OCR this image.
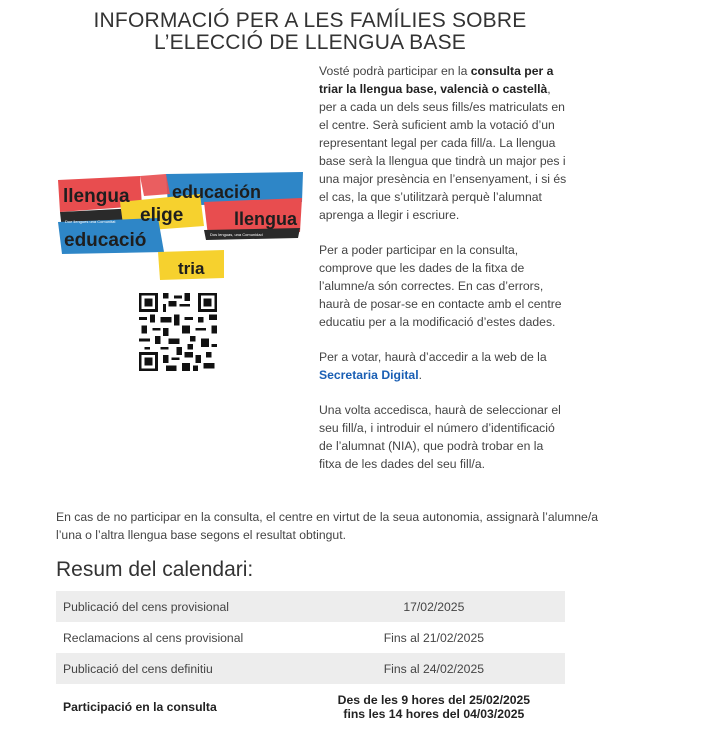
INFORMACIÓ PER A LES FAMÍLIES SOBRE
L’ELECCIÓ DE LLENGUA BASE
llengua educación
elige	llengua
educació
tria
Doe llengues una Comunitat
Dos lenguas, una Comunidad

Vosté podrà participar en la consulta per a triar la llengua base, valencià o castellà, per a cada un dels seus fills/es matriculats en el centre. Serà suficient amb la votació d’un representant legal per cada fill/a. La llengua base serà la llengua que tindrà un major pes i una major presència en l’ensenyament, i si és el cas, la que s’utilitzarà perquè l’alumnat aprenga a llegir i escriure.

Per a poder participar en la consulta, comprove que les dades de la fitxa de l’alumne/a són correctes. En cas d’errors, haurà de posar-se en contacte amb el centre educatiu per a la modificació d’estes dades.

Per a votar, haurà d’accedir a la web de la Secretaria Digital.

Una volta accedisca, haurà de seleccionar el seu fill/a, i introduir el número d’identificació de l’alumnat (NIA), que podrà trobar en la fitxa de les dades del seu fill/a.

En cas de no participar en la consulta, el centre en virtut de la seua autonomia, assignarà l’alumne/a l’una o l’altra llengua base segons el resultat obtingut.
Resum del calendari:
Publicació del cens provisional	17/02/2025
Reclamacions al cens provisional	Fins al 21/02/2025
Publicació del cens definitiu	Fins al 24/02/2025
Participació en la consulta	Des de les 9 hores del 25/02/2025
fins les 14 hores del 04/03/2025
